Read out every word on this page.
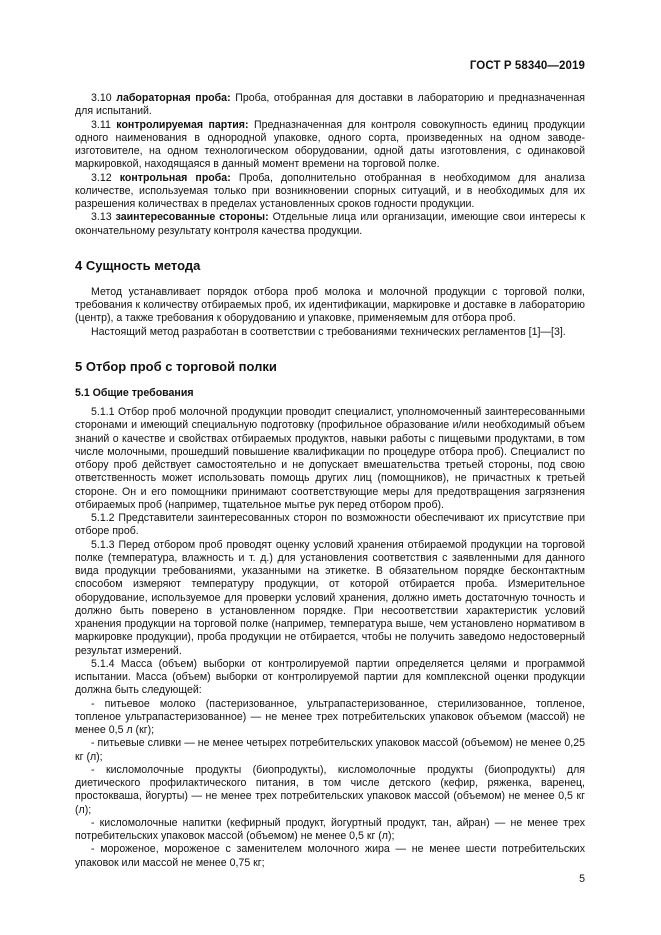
ГОСТ Р 58340—2019

3.10 лабораторная проба: Проба, отобранная для доставки в лабораторию и предназначенная для испытаний.

3.11 контролируемая партия: Предназначенная для контроля совокупность единиц продукции одного наименования в однородной упаковке, одного сорта, произведенных на одном заводе-изготовителе, на одном технологическом оборудовании, одной даты изготовления, с одинаковой маркировкой, находящаяся в данный момент времени на торговой полке.

3.12 контрольная проба: Проба, дополнительно отобранная в необходимом для анализа количестве, используемая только при возникновении спорных ситуаций, и в необходимых для их разрешения количествах в пределах установленных сроков годности продукции.

3.13 заинтересованные стороны: Отдельные лица или организации, имеющие свои интересы к окончательному результату контроля качества продукции.

4 Сущность метода

Метод устанавливает порядок отбора проб молока и молочной продукции с торговой полки, требования к количеству отбираемых проб, их идентификации, маркировке и доставке в лабораторию (центр), а также требования к оборудованию и упаковке, применяемым для отбора проб.

Настоящий метод разработан в соответствии с требованиями технических регламентов [1]—[3].

5 Отбор проб с торговой полки
5.1 Общие требования

5.1.1 Отбор проб молочной продукции проводит специалист, уполномоченный заинтересованными сторонами и имеющий специальную подготовку (профильное образование и/или необходимый объем знаний о качестве и свойствах отбираемых продуктов, навыки работы с пищевыми продуктами, в том числе молочными, прошедший повышение квалификации по процедуре отбора проб). Специалист по отбору проб действует самостоятельно и не допускает вмешательства третьей стороны, под свою ответственность может использовать помощь других лиц (помощников), не причастных к третьей стороне. Он и его помощники принимают соответствующие меры для предотвращения загрязнения отбираемых проб (например, тщательное мытье рук перед отбором проб).

5.1.2 Представители заинтересованных сторон по возможности обеспечивают их присутствие при отборе проб.

5.1.3 Перед отбором проб проводят оценку условий хранения отбираемой продукции на торговой полке (температура, влажность и т. д.) для установления соответствия с заявленными для данного вида продукции требованиями, указанными на этикетке. В обязательном порядке бесконтактным способом измеряют температуру продукции, от которой отбирается проба. Измерительное оборудование, используемое для проверки условий хранения, должно иметь достаточную точность и должно быть поверено в установленном порядке. При несоответствии характеристик условий хранения продукции на торговой полке (например, температура выше, чем установлено нормативом в маркировке продукции), проба продукции не отбирается, чтобы не получить заведомо недостоверный результат измерений.

5.1.4 Масса (объем) выборки от контролируемой партии определяется целями и программой испытании. Масса (объем) выборки от контролируемой партии для комплексной оценки продукции должна быть следующей:

- питьевое молоко (пастеризованное, ультрапастеризованное, стерилизованное, топленое, топленое ультрапастеризованное) — не менее трех потребительских упаковок объемом (массой) не менее 0,5 л (кг);

- питьевые сливки — не менее четырех потребительских упаковок массой (объемом) не менее 0,25 кг (л);

- кисломолочные продукты (биопродукты), кисломолочные продукты (биопродукты) для диетического профилактического питания, в том числе детского (кефир, ряженка, варенец, простокваша, йогурты) — не менее трех потребительских упаковок массой (объемом) не менее 0,5 кг (л);

- кисломолочные напитки (кефирный продукт, йогуртный продукт, тан, айран) — не менее трех потребительских упаковок массой (объемом) не менее 0,5 кг (л);

- мороженое, мороженое с заменителем молочного жира — не менее шести потребительских упаковок или массой не менее 0,75 кг;

5
